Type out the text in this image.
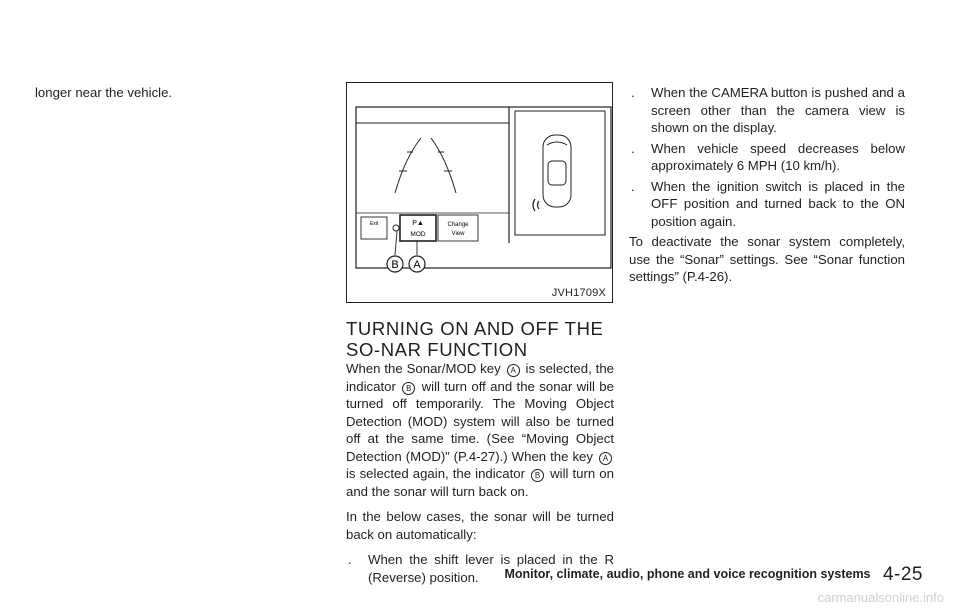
longer near the vehicle.
B A
Exit	P▲
MOD
Change
View
JVH1709X
TURNING ON AND OFF THE SO-NAR FUNCTION

When the Sonar/MOD key A is selected, the indicator B will turn off and the sonar will be turned off temporarily. The Moving Object Detection (MOD) system will also be turned off at the same time. (See “Moving Object Detection (MOD)” (P.4-27).) When the key A is selected again, the indicator B will turn on and the sonar will turn back on.

In the below cases, the sonar will be turned back on automatically:

. When the shift lever is placed in the R (Reverse) position.
. When the CAMERA button is pushed and a screen other than the camera view is shown on the display.
. When vehicle speed decreases below approximately 6 MPH (10 km/h).
. When the ignition switch is placed in the OFF position and turned back to the ON position again.

To deactivate the sonar system completely, use the “Sonar” settings. See “Sonar function settings” (P.4-26).

Monitor, climate, audio, phone and voice recognition systems 4-25
carmanualsonline.info
